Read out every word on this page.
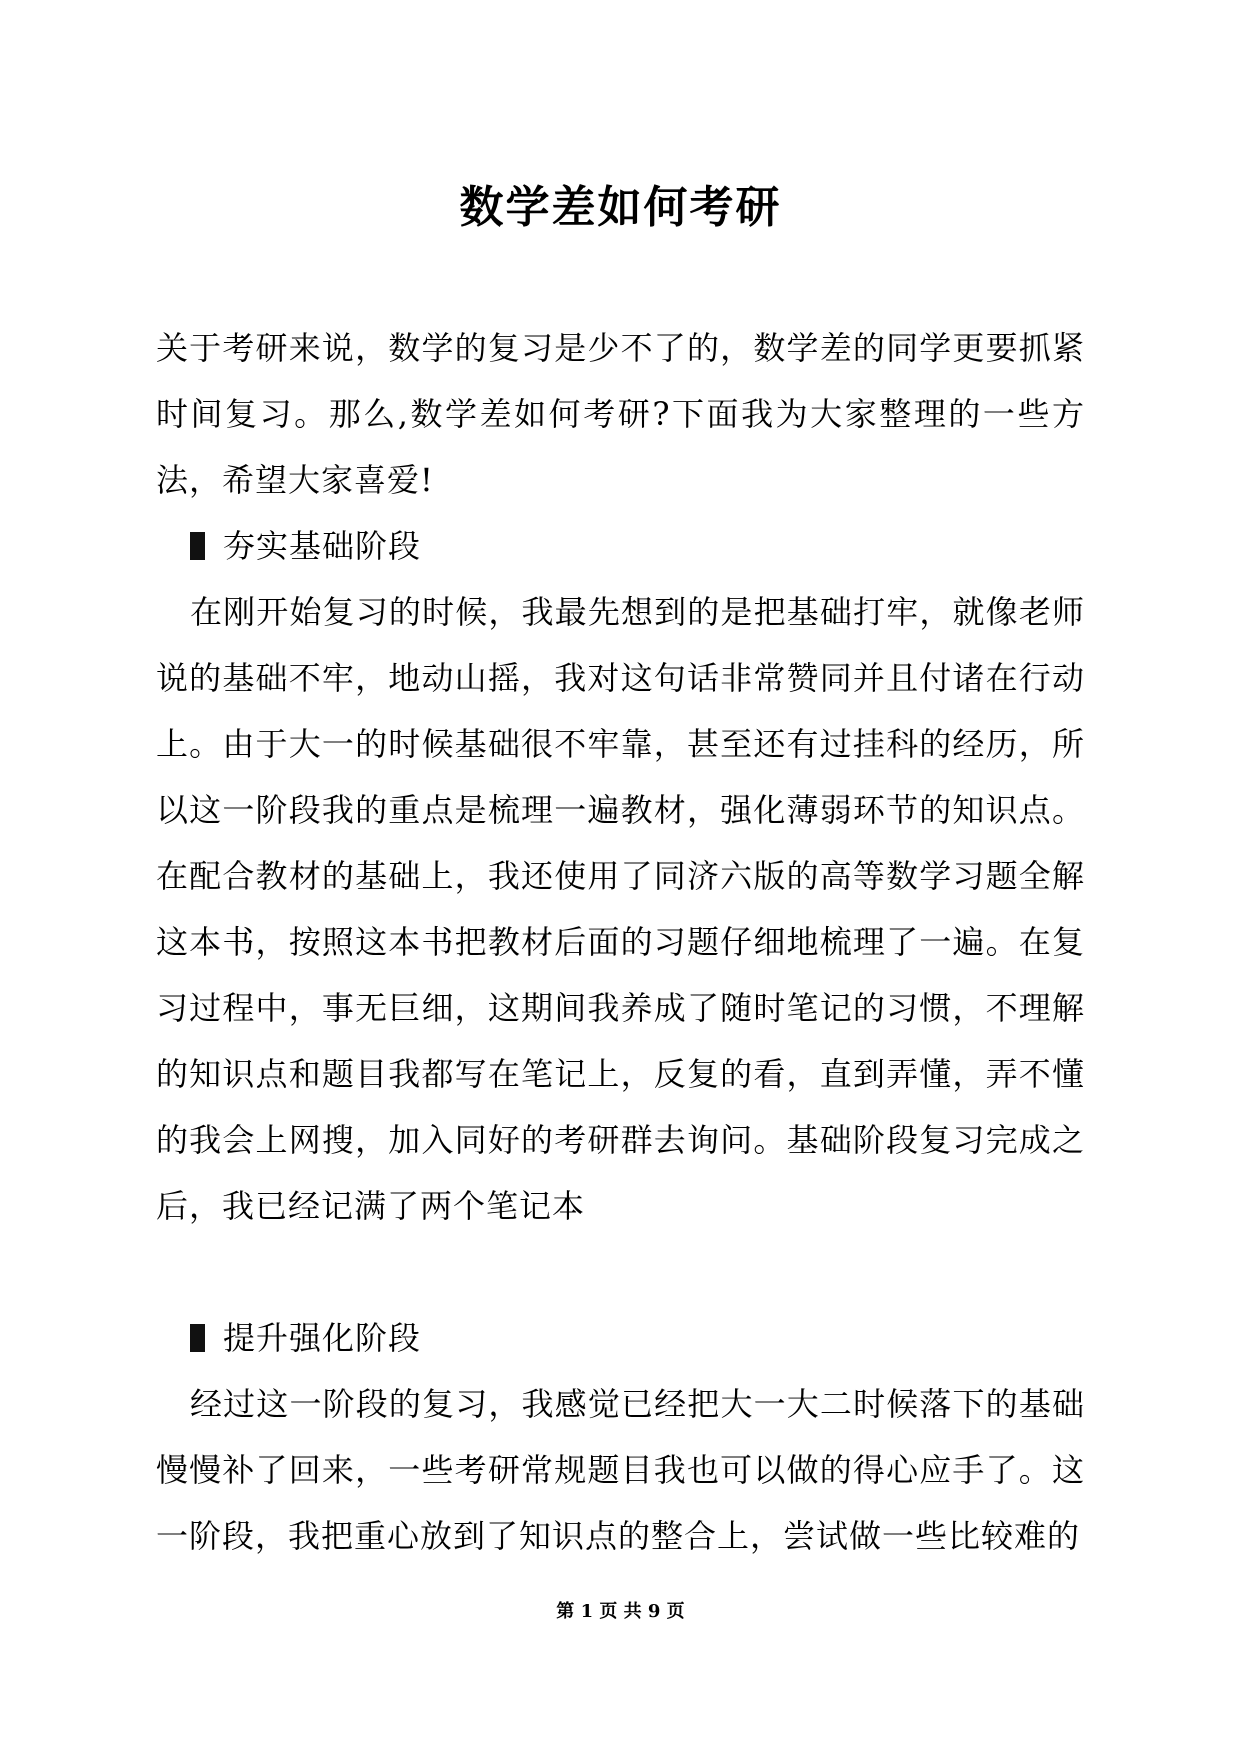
数学差如何考研

关于考研来说，数学的复习是少不了的，数学差的同学更要抓紧时间复习。那么,数学差如何考研?下面我为大家整理的一些方法，希望大家喜爱!

夯实基础阶段

在刚开始复习的时候，我最先想到的是把基础打牢，就像老师说的基础不牢，地动山摇，我对这句话非常赞同并且付诸在行动上。由于大一的时候基础很不牢靠，甚至还有过挂科的经历，所以这一阶段我的重点是梳理一遍教材，强化薄弱环节的知识点。在配合教材的基础上，我还使用了同济六版的高等数学习题全解这本书，按照这本书把教材后面的习题仔细地梳理了一遍。在复习过程中，事无巨细，这期间我养成了随时笔记的习惯，不理解的知识点和题目我都写在笔记上，反复的看，直到弄懂，弄不懂的我会上网搜，加入同好的考研群去询问。基础阶段复习完成之后，我已经记满了两个笔记本

提升强化阶段

经过这一阶段的复习，我感觉已经把大一大二时候落下的基础慢慢补了回来，一些考研常规题目我也可以做的得心应手了。这一阶段，我把重心放到了知识点的整合上，尝试做一些比较难的

第 1 页 共 9 页
